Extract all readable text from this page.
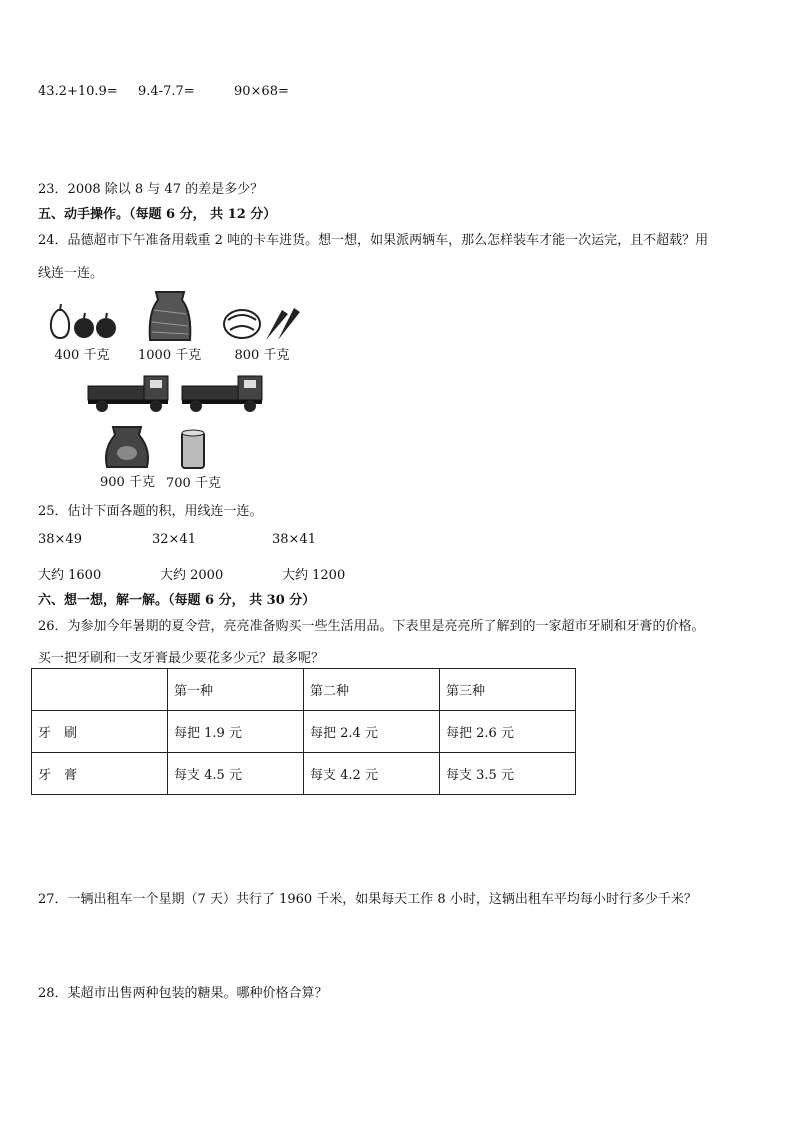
43.2+10.9= 9.4-7.7=	90×68=
23．2008 除以 8 与 47 的差是多少？
五、动手操作。（每题 6 分， 共 12 分）
24．品德超市下午准备用载重 2 吨的卡车进货。想一想，如果派两辆车，那么怎样装车才能一次运完，且不超载？用
线连一连。
400 千克 1000 千克	800 千克
900 千克 700 千克
25．估计下面各题的积，用线连一连。
38×49	32×41	38×41
大约 1600	大约 2000	大约 1200
六、想一想，解一解。（每题 6 分， 共 30 分）
26．为参加今年暑期的夏令营，亮亮准备购买一些生活用品。下表里是亮亮所了解到的一家超市牙刷和牙膏的价格。
买一把牙刷和一支牙膏最少要花多少元？最多呢？
	第一种	第二种	第三种
牙　刷	每把 1.9 元	每把 2.4 元	每把 2.6 元
牙　膏	每支 4.5 元	每支 4.2 元	每支 3.5 元
27．一辆出租车一个星期（7 天）共行了 1960 千米，如果每天工作 8 小时，这辆出租车平均每小时行多少千米？
28．某超市出售两种包装的糖果。哪种价格合算？
